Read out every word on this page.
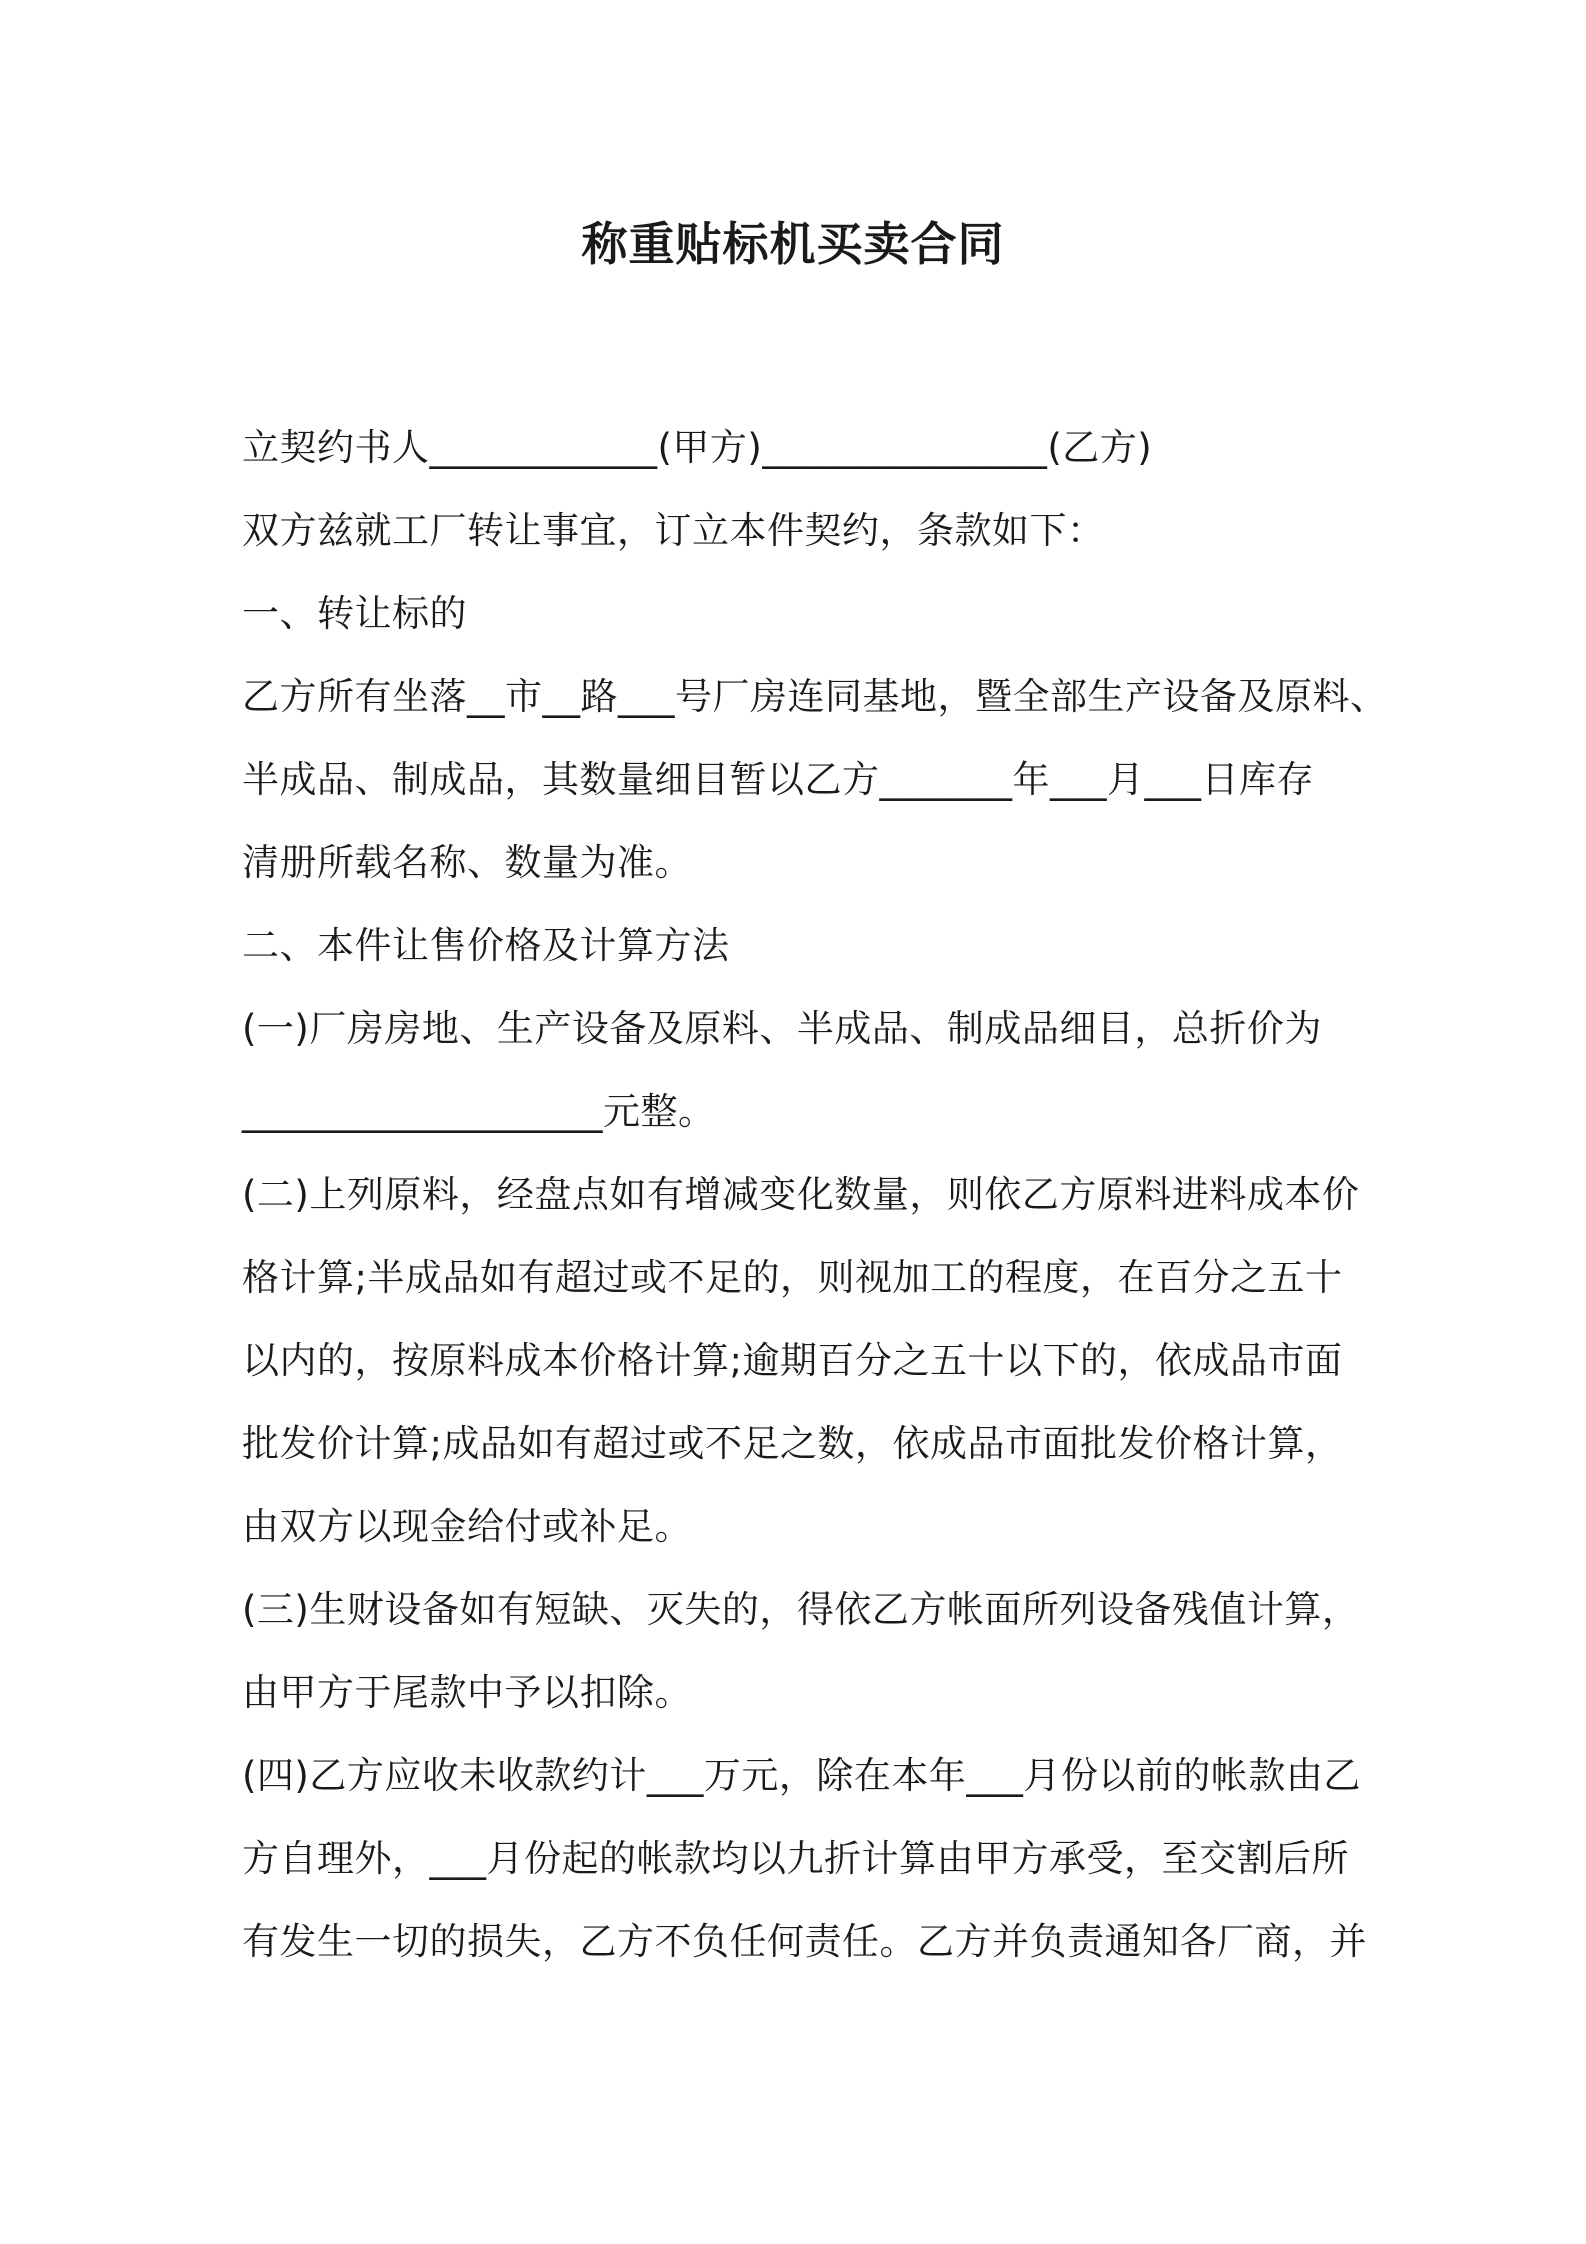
称重贴标机买卖合同
立契约书人____________(甲方)_______________(乙方)
双方兹就工厂转让事宜，订立本件契约，条款如下：
一、转让标的
乙方所有坐落__市__路___号厂房连同基地，暨全部生产设备及原料、
半成品、制成品，其数量细目暂以乙方_______年___月___日库存
清册所载名称、数量为准。
二、本件让售价格及计算方法
(一)厂房房地、生产设备及原料、半成品、制成品细目，总折价为
___________________元整。
(二)上列原料，经盘点如有增减变化数量，则依乙方原料进料成本价
格计算;半成品如有超过或不足的，则视加工的程度，在百分之五十
以内的，按原料成本价格计算;逾期百分之五十以下的，依成品市面
批发价计算;成品如有超过或不足之数，依成品市面批发价格计算，
由双方以现金给付或补足。
(三)生财设备如有短缺、灭失的，得依乙方帐面所列设备残值计算，
由甲方于尾款中予以扣除。
(四)乙方应收未收款约计___万元，除在本年___月份以前的帐款由乙
方自理外，___月份起的帐款均以九折计算由甲方承受，至交割后所
有发生一切的损失，乙方不负任何责任。乙方并负责通知各厂商，并
